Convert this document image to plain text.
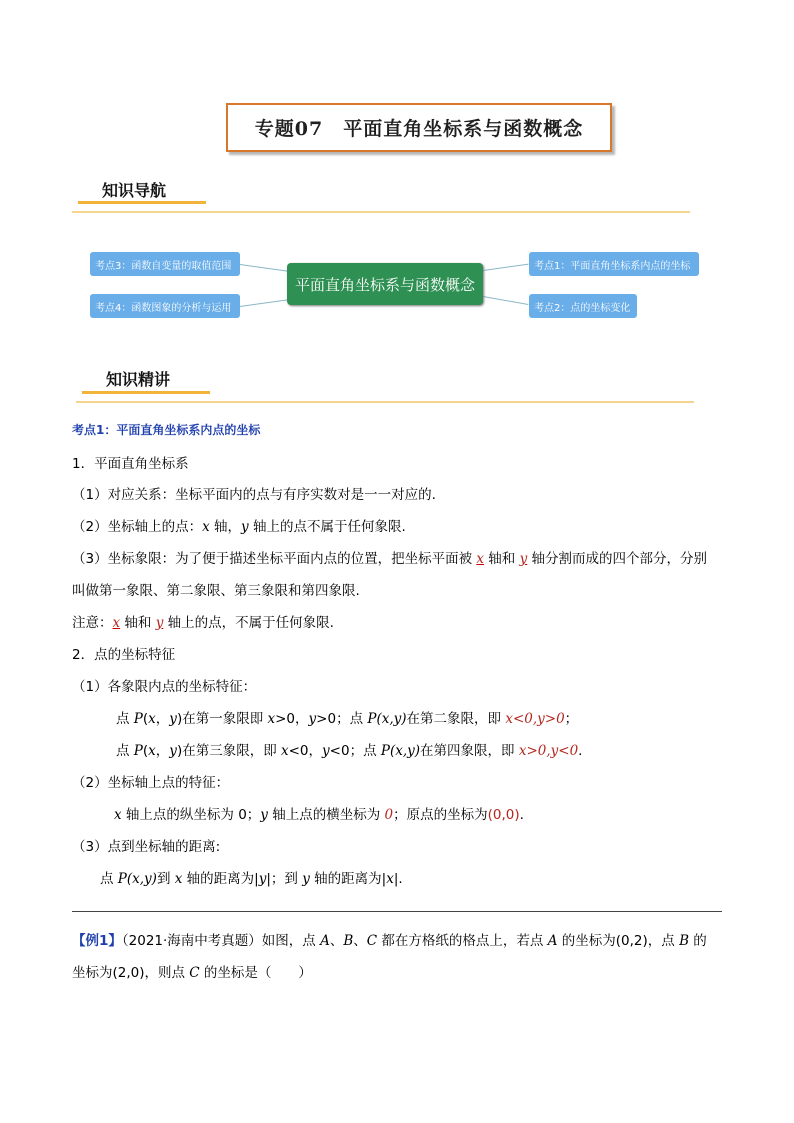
专题07　平面直角坐标系与函数概念
知识导航
考点3：函数自变量的取值范围
考点4：函数图象的分析与运用
平面直角坐标系与函数概念
考点1：平面直角坐标系内点的坐标
考点2：点的坐标变化
知识精讲
考点1：平面直角坐标系内点的坐标
1．平面直角坐标系
（1）对应关系：坐标平面内的点与有序实数对是一一对应的.
（2）坐标轴上的点：x 轴，y 轴上的点不属于任何象限.
（3）坐标象限：为了便于描述坐标平面内点的位置，把坐标平面被 x 轴和 y 轴分割而成的四个部分，分别
叫做第一象限、第二象限、第三象限和第四象限.
注意：x 轴和 y 轴上的点，不属于任何象限.
2．点的坐标特征
（1）各象限内点的坐标特征：
点 P(x，y)在第一象限即 x>0，y>0；点 P(x,y)在第二象限，即 x<0,y>0；
点 P(x，y)在第三象限，即 x<0，y<0；点 P(x,y)在第四象限，即 x>0,y<0.
（2）坐标轴上点的特征：
x 轴上点的纵坐标为 0；y 轴上点的横坐标为 0；原点的坐标为(0,0).
（3）点到坐标轴的距离:
点 P(x,y)到 x 轴的距离为|y|；到 y 轴的距离为|x|.
【例1】（2021·海南中考真题）如图，点 A、B、C 都在方格纸的格点上，若点 A 的坐标为(0,2)，点 B 的
坐标为(2,0)，则点 C 的坐标是（　　）
